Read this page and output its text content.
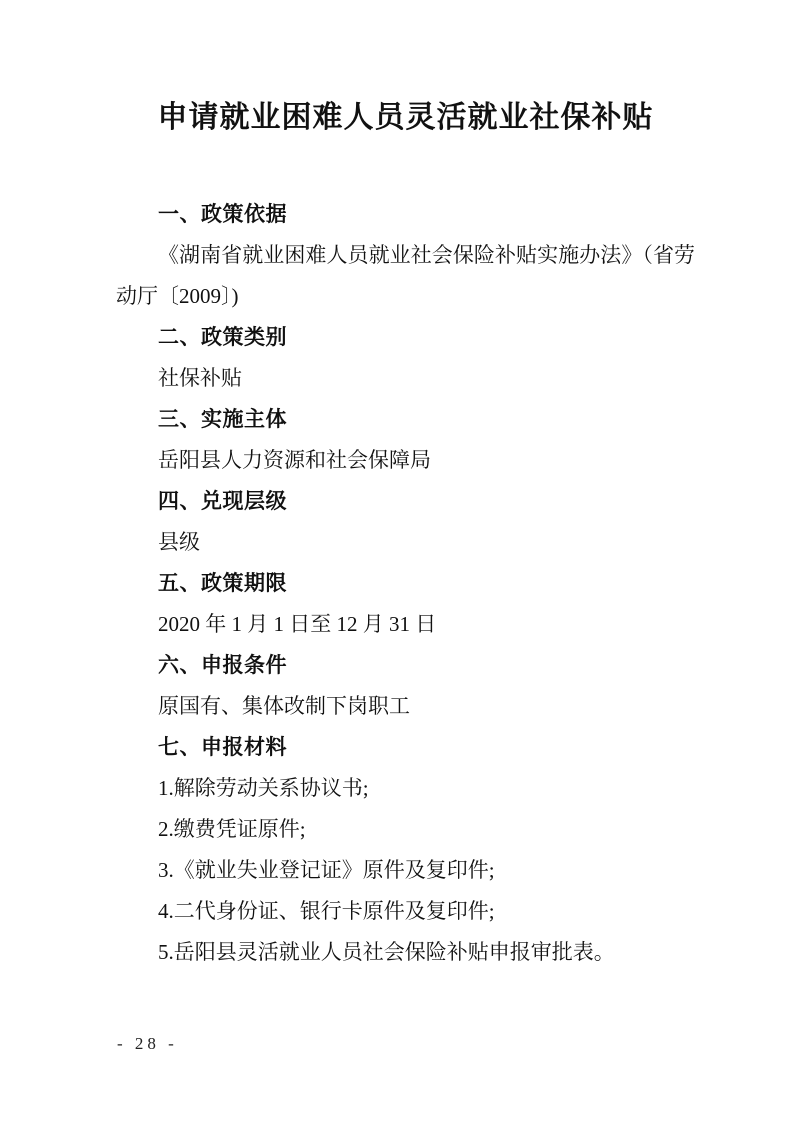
申请就业困难人员灵活就业社保补贴

一、政策依据

《湖南省就业困难人员就业社会保险补贴实施办法》（省劳动厅〔2009〕)

二、政策类别

社保补贴

三、实施主体

岳阳县人力资源和社会保障局

四、兑现层级

县级

五、政策期限

2020 年 1 月 1 日至 12 月 31 日

六、申报条件

原国有、集体改制下岗职工

七、申报材料

1.解除劳动关系协议书;

2.缴费凭证原件;

3.《就业失业登记证》原件及复印件;

4.二代身份证、银行卡原件及复印件;

5.岳阳县灵活就业人员社会保险补贴申报审批表。

- 28 -
